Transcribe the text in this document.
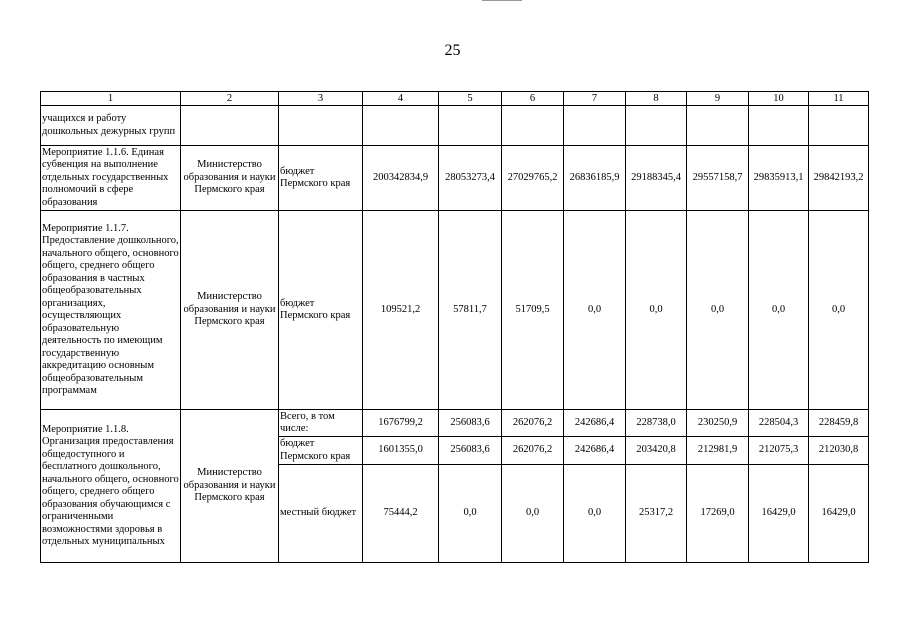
25
1	2	3	4	5	6	7	8	9	10	11
учащихся и работу дошкольных дежурных групп										
Мероприятие 1.1.6. Единая субвенция на выполнение отдельных государственных полномочий в сфере образования	Министерство образования и науки Пермского края	бюджет Пермского края	200342834,9	28053273,4	27029765,2	26836185,9	29188345,4	29557158,7	29835913,1	29842193,2
Мероприятие 1.1.7. Предоставление дошкольного, начального общего, основного общего, среднего общего образования в частных общеобразовательных организациях, осуществляющих образовательную деятельность по имеющим государственную аккредитацию основным общеобразовательным программам	Министерство образования и науки Пермского края	бюджет Пермского края	109521,2	57811,7	51709,5	0,0	0,0	0,0	0,0	0,0
Мероприятие 1.1.8. Организация предоставления общедоступного и бесплатного дошкольного, начального общего, основного общего, среднего общего образования обучающимся с ограниченными возможностями здоровья в отдельных муниципальных	Министерство образования и науки Пермского края	Всего, в том числе:	1676799,2	256083,6	262076,2	242686,4	228738,0	230250,9	228504,3	228459,8
		бюджет Пермского края	1601355,0	256083,6	262076,2	242686,4	203420,8	212981,9	212075,3	212030,8
		местный бюджет	75444,2	0,0	0,0	0,0	25317,2	17269,0	16429,0	16429,0
